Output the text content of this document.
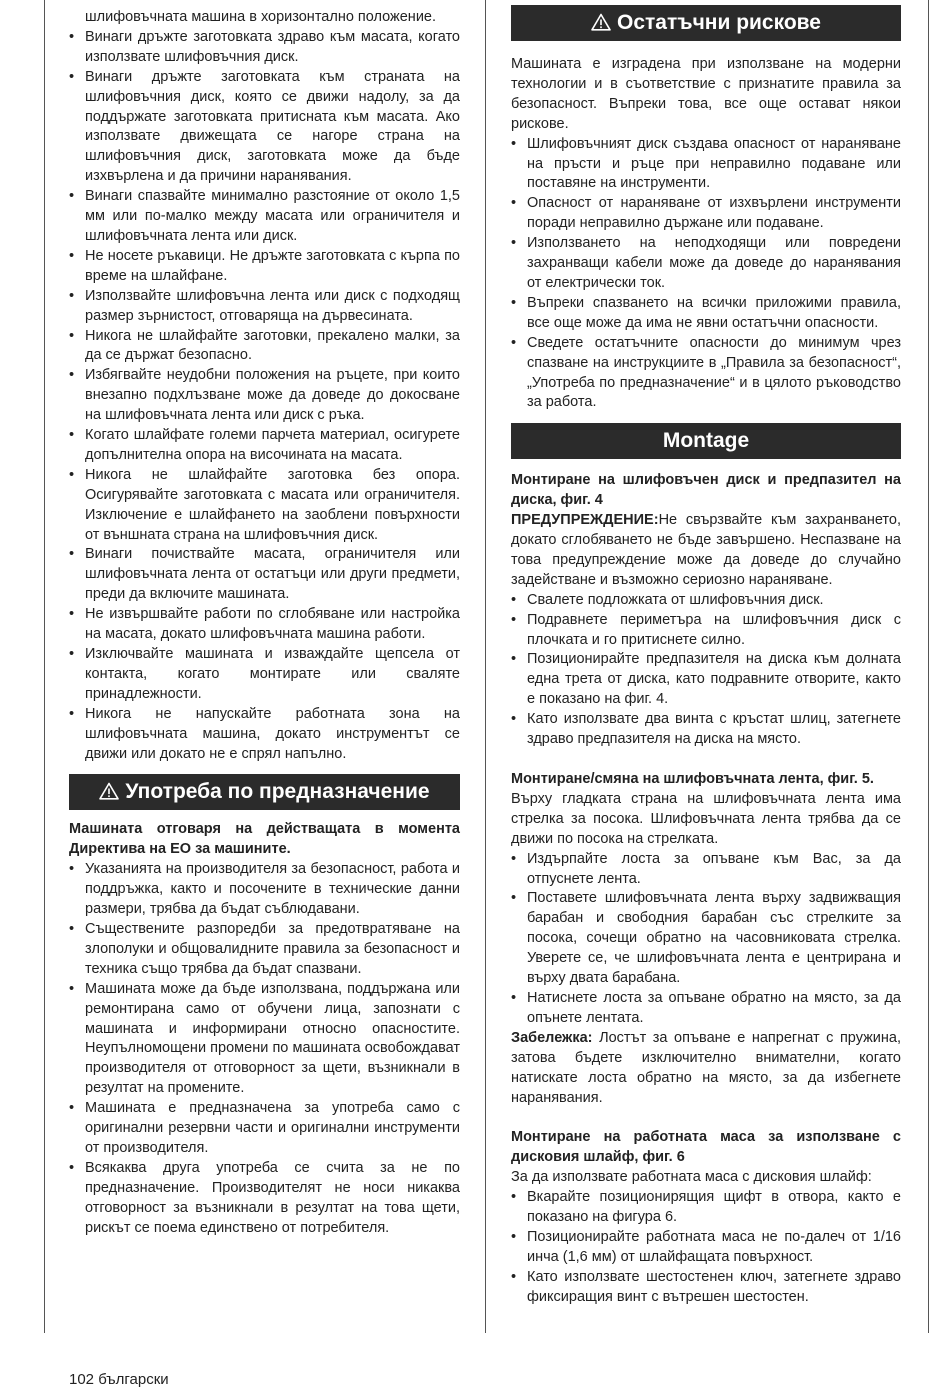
шлифовъчната машина в хоризонтално положение.

• Винаги дръжте заготовката здраво към масата, когато използвате шлифовъчния диск.
• Винаги дръжте заготовката към страната на шлифовъчния диск, която се движи надолу, за да поддържате заготовката притисната към масата. Ако използвате движещата се нагоре страна на шлифовъчния диск, заготовката може да бъде изхвърлена и да причини наранявания.
• Винаги спазвайте минимално разстояние от около 1,5 мм или по-малко между масата или ограничителя и шлифовъчната лента или диск.
• Не носете ръкавици. Не дръжте заготовката с кърпа по време на шлайфане.
• Използвайте шлифовъчна лента или диск с подходящ размер зърнистост, отговаряща на дървесината.
• Никога не шлайфайте заготовки, прекалено малки, за да се държат безопасно.
• Избягвайте неудобни положения на ръцете, при които внезапно подхлъзване може да доведе до докосване на шлифовъчната лента или диск с ръка.
• Когато шлайфате големи парчета материал, осигурете допълнителна опора на височината на масата.
• Никога не шлайфайте заготовка без опора. Осигурявайте заготовката с масата или ограничителя. Изключение е шлайфането на заоблени повърхности от външната страна на шлифовъчния диск.
• Винаги почиствайте масата, ограничителя или шлифовъчната лента от остатъци или други предмети, преди да включите машината.
• Не извършвайте работи по сглобяване или настройка на масата, докато шлифовъчната машина работи.
• Изключвайте машината и изваждайте щепсела от контакта, когато монтирате или сваляте принадлежности.
• Никога не напускайте работната зона на шлифовъчната машина, докато инструментът се движи или докато не е спрял напълно.
Употреба по предназначение

Машината отговаря на действащата в момента Директива на ЕО за машините.

• Указанията на производителя за безопасност, работа и поддръжка, както и посочените в технические данни размери, трябва да бъдат съблюдавани.
• Съществените разпоредби за предотвратяване на злополуки и общовалидните правила за безопасност и техника също трябва да бъдат спазвани.
• Машината може да бъде използвана, поддържана или ремонтирана само от обучени лица, запознати с машината и информирани относно опасностите. Неупълномощени промени по машината освобождават производителя от отговорност за щети, възникнали в резултат на промените.
• Машината е предназначена за употреба само с оригинални резервни части и оригинални инструменти от производителя.
• Всякаква друга употреба се счита за не по предназначение. Производителят не носи никаква отговорност за възникнали в резултат на това щети, рискът се поема единствено от потребителя.
Остатъчни рискове

Машината е изградена при използване на модерни технологии и в съответствие с признатите правила за безопасност. Въпреки това, все още остават някои рискове.

• Шлифовъчният диск създава опасност от нараняване на пръсти и ръце при неправилно подаване или поставяне на инструменти.
• Опасност от нараняване от изхвърлени инструменти поради неправилно държане или подаване.
• Използването на неподходящи или повредени захранващи кабели може да доведе до наранявания от електрически ток.
• Въпреки спазването на всички приложими правила, все още може да има не явни остатъчни опасности.
• Сведете остатъчните опасности до минимум чрез спазване на инструкциите в „Правила за безопасност“, „Употреба по предназначение“ и в цялото ръководство за работа.
Montage

Монтиране на шлифовъчен диск и предпазител на диска, фиг. 4

ПРЕДУПРЕЖДЕНИЕ:Не свързвайте към захранването, докато сглобяването не бъде завършено. Неспазване на това предупреждение може да доведе до случайно задействане и възможно сериозно нараняване.

• Свалете подложката от шлифовъчния диск.
• Подравнете периметъра на шлифовъчния диск с плочката и го притиснете силно.
• Позиционирайте предпазителя на диска към долната една трета от диска, като подравните отворите, както е показано на фиг. 4.
• Като използвате два винта с кръстат шлиц, затегнете здраво предпазителя на диска на място.

Монтиране/смяна на шлифовъчната лента, фиг. 5.

Върху гладката страна на шлифовъчната лента има стрелка за посока. Шлифовъчната лента трябва да се движи по посока на стрелката.

• Издърпайте лоста за опъване към Вас, за да отпуснете лента.
• Поставете шлифовъчната лента върху задвижващия барабан и свободния барабан със стрелките за посока, сочещи обратно на часовниковата стрелка. Уверете се, че шлифовъчната лента е центрирана и върху двата барабана.
• Натиснете лоста за опъване обратно на място, за да опънете лентата.

Забележка: Лостът за опъване е напрегнат с пружина, затова бъдете изключително внимателни, когато натискате лоста обратно на място, за да избегнете наранявания.

Монтиране на работната маса за използване с дисковия шлайф, фиг. 6

За да използвате работната маса с дисковия шлайф:

• Вкарайте позиционирящия щифт в отвора, както е показано на фигура 6.
• Позиционирайте работната маса не по-далеч от 1/16 инча (1,6 мм) от шлайфащата повърхност.
• Като използвате шестостенен ключ, затегнете здраво фиксиращия винт с вътрешен шестостен.
102 български
